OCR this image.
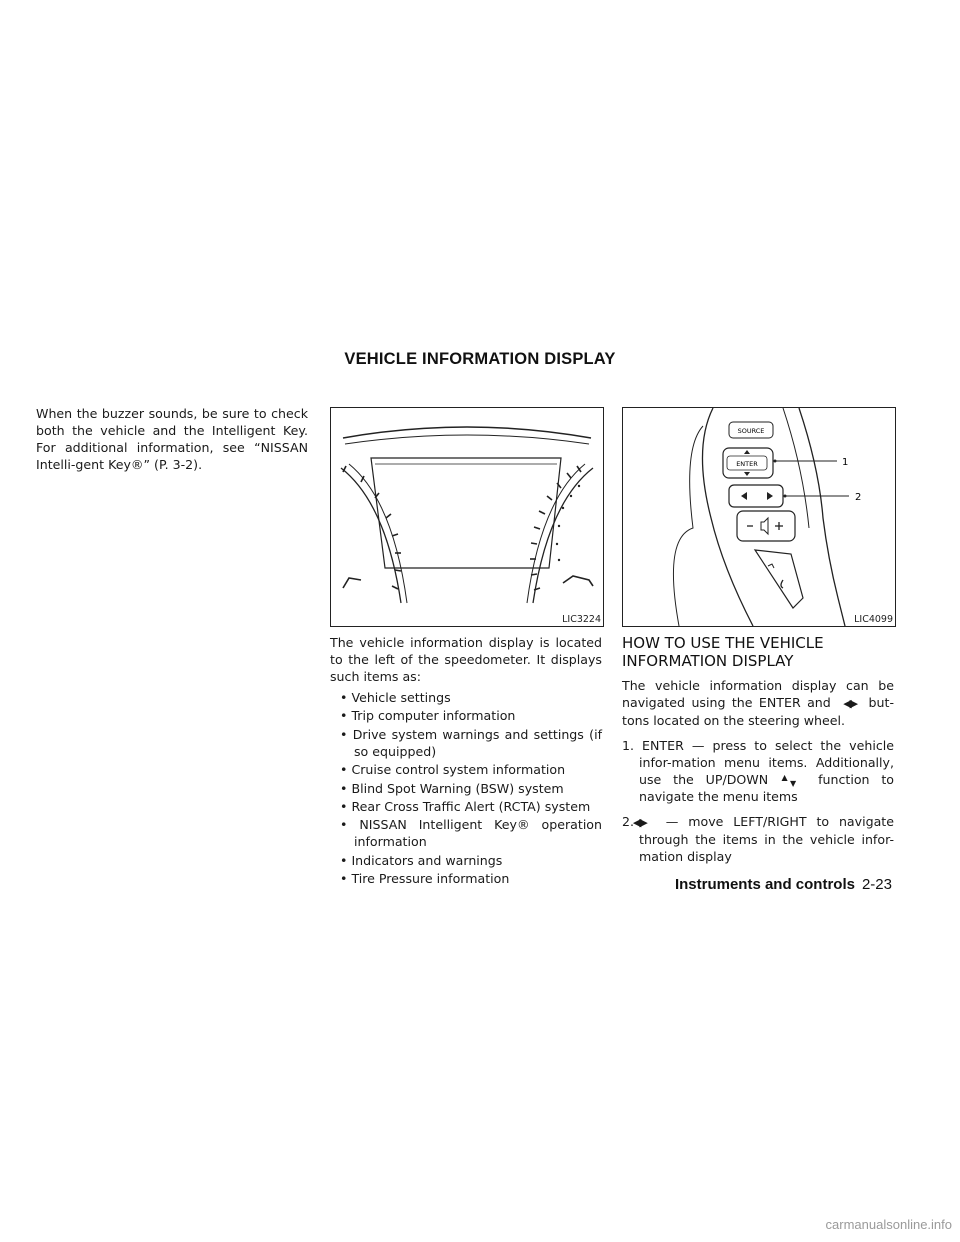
VEHICLE INFORMATION DISPLAY
When the buzzer sounds, be sure to check both the vehicle and the Intelligent Key. For additional information, see “NISSAN Intelli-gent Key®” (P. 3-2).
LIC3224
SOURCE
ENTER	1
2
LIC4099
The vehicle information display is located to the left of the speedometer. It displays such items as:
• Vehicle settings
• Trip computer information
• Drive system warnings and settings (if so equipped)
• Cruise control system information
• Blind Spot Warning (BSW) system
• Rear Cross Traffic Alert (RCTA) system
• NISSAN Intelligent Key® operation information
• Indicators and warnings
• Tire Pressure information
HOW TO USE THE VEHICLE INFORMATION DISPLAY
The vehicle information display can be navigated using the ENTER and ◀▶ but-tons located on the steering wheel.
1. ENTER — press to select the vehicle infor-mation menu items. Additionally, use the UP/DOWN ▲
▼ function to navigate the menu items
2. ◀▶ — move LEFT/RIGHT to navigate through the items in the vehicle infor-mation display
Instruments and controls 2-23
carmanualsonline.info
